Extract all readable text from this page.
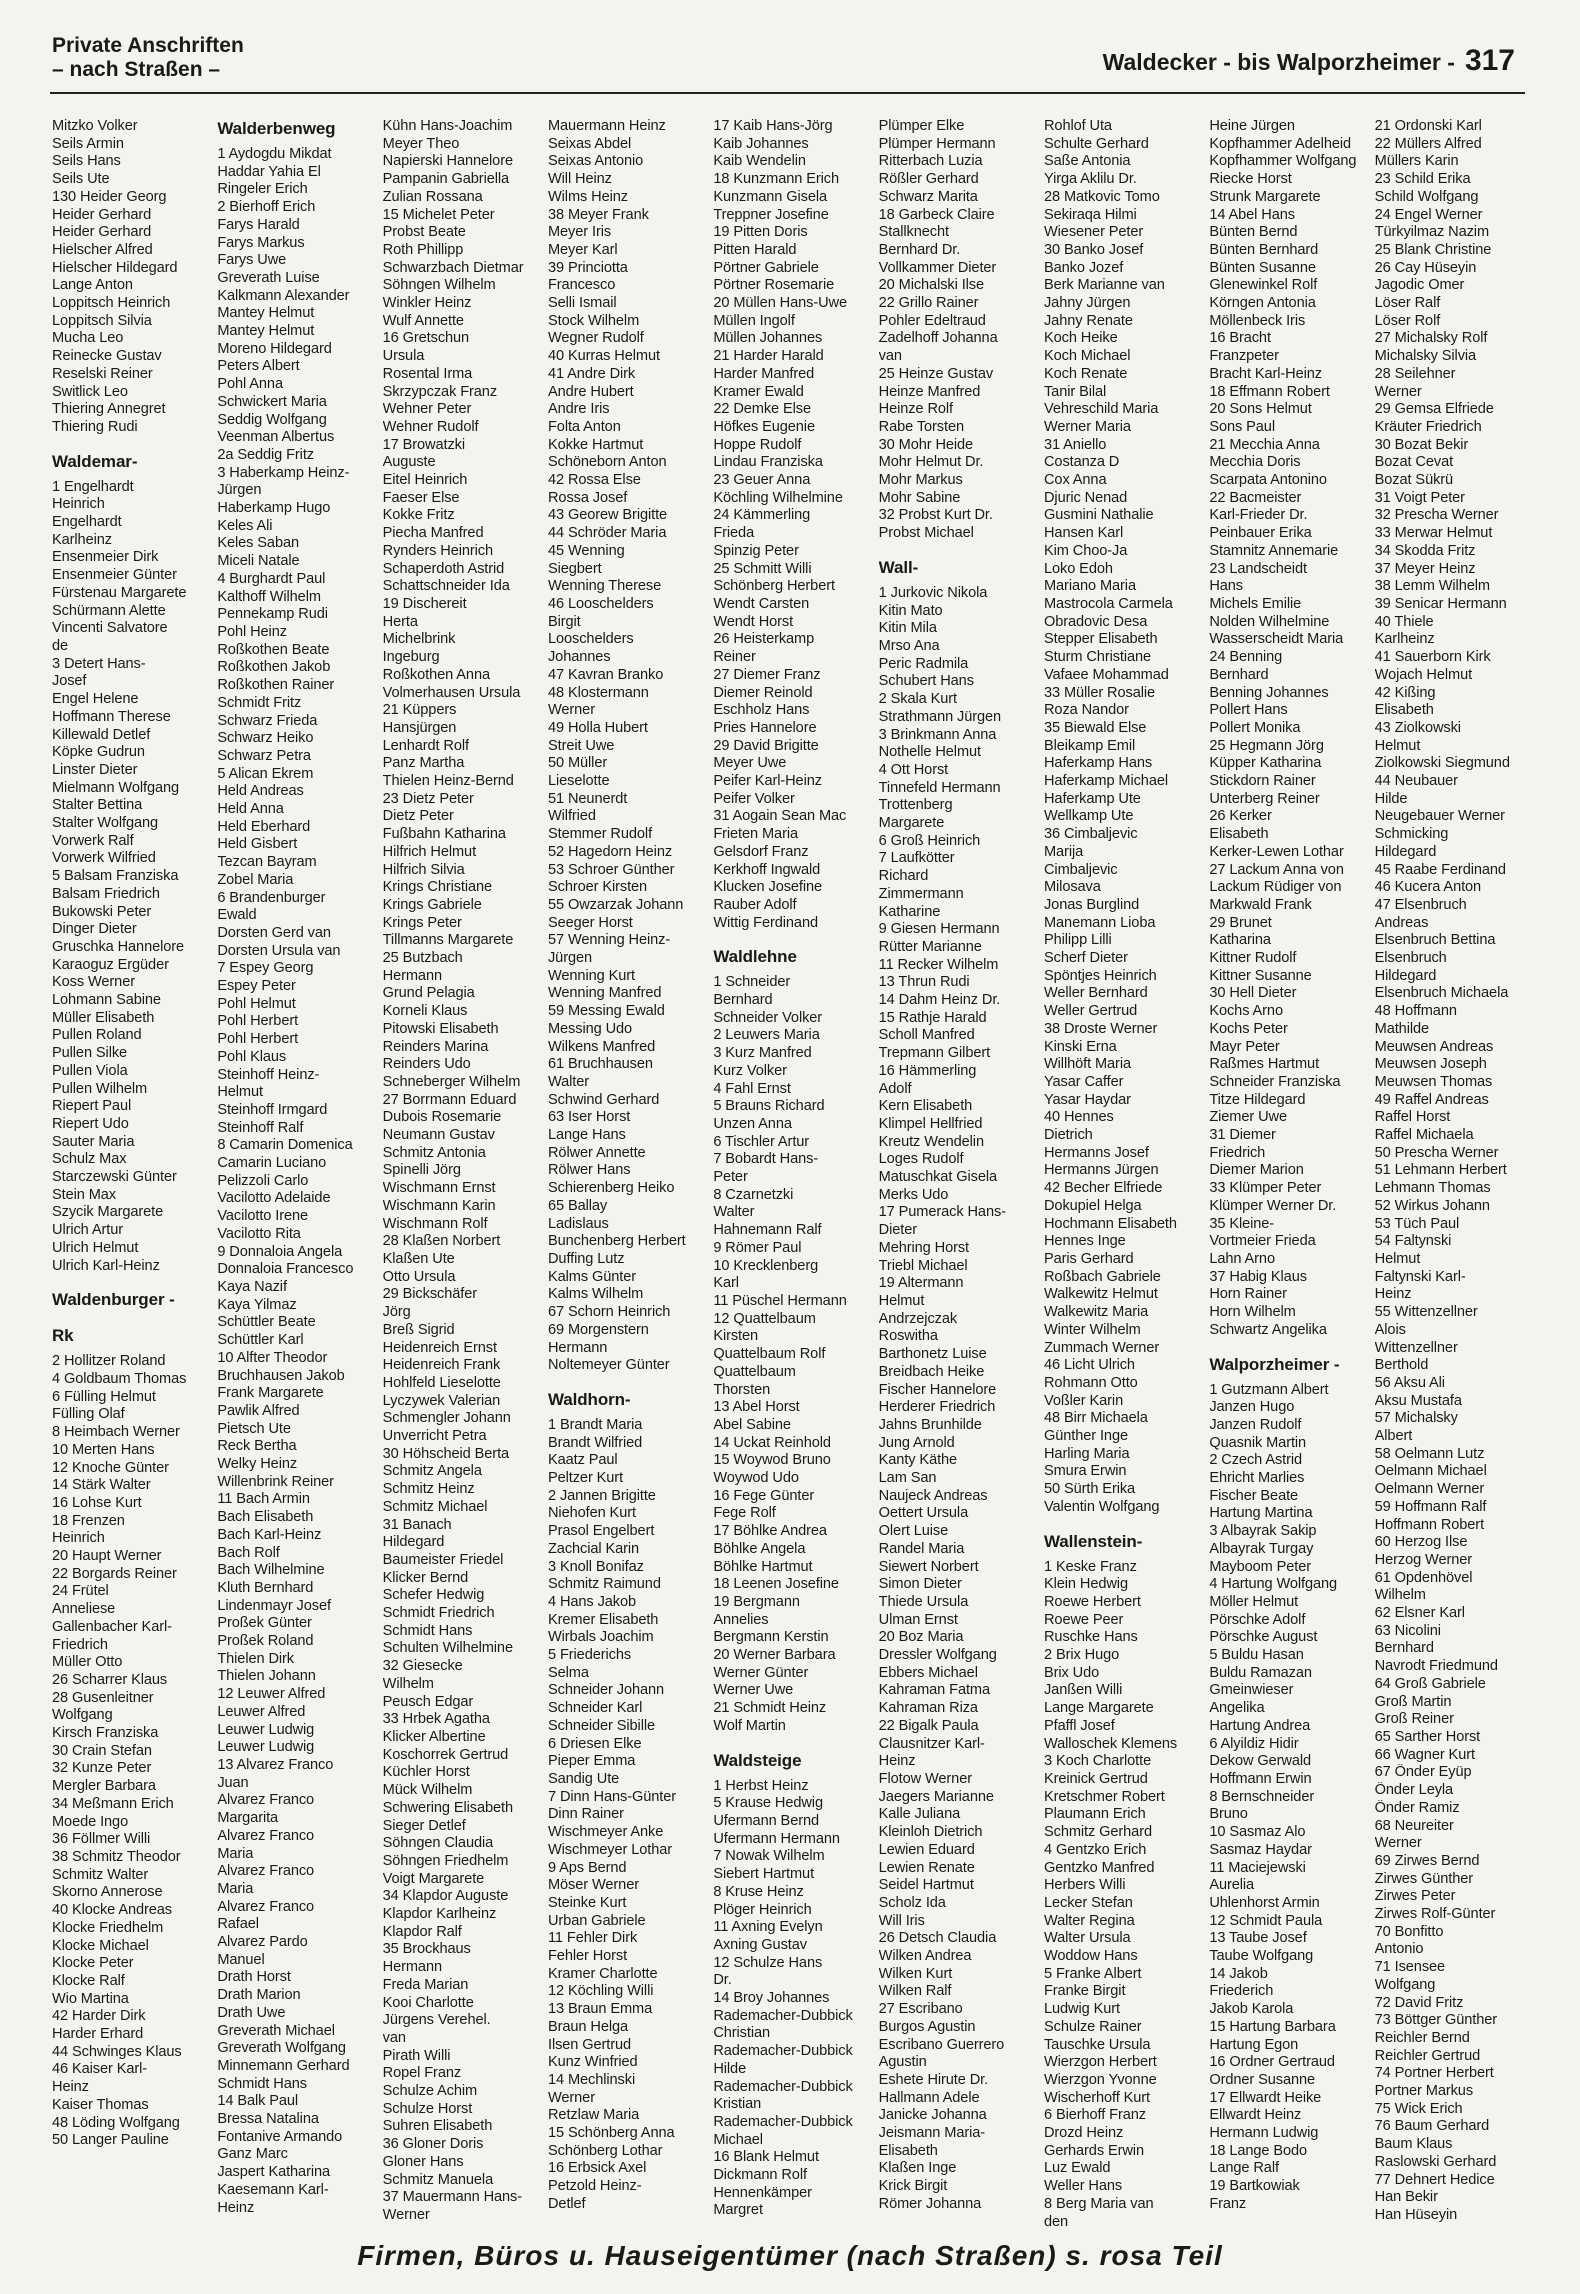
Private Anschriften
– nach Straßen –	Waldecker - bis Walporzheimer - 317
Mitzko Volker
Seils Armin
Seils Hans
Seils Ute
130 Heider Georg
Heider Gerhard
Heider Gerhard
Hielscher Alfred
Hielscher Hildegard
Lange Anton
Loppitsch Heinrich
Loppitsch Silvia
Mucha Leo
Reinecke Gustav
Reselski Reiner
Switlick Leo
Thiering Annegret
Thiering Rudi
Waldemar-
1 Engelhardt
Heinrich
Engelhardt
Karlheinz
Ensenmeier Dirk
Ensenmeier Günter
Fürstenau Margarete
Schürmann Alette
Vincenti Salvatore
de
3 Detert Hans-
Josef
Engel Helene
Hoffmann Therese
Killewald Detlef
Köpke Gudrun
Linster Dieter
Mielmann Wolfgang
Stalter Bettina
Stalter Wolfgang
Vorwerk Ralf
Vorwerk Wilfried
5 Balsam Franziska
Balsam Friedrich
Bukowski Peter
Dinger Dieter
Gruschka Hannelore
Karaoguz Ergüder
Koss Werner
Lohmann Sabine
Müller Elisabeth
Pullen Roland
Pullen Silke
Pullen Viola
Pullen Wilhelm
Riepert Paul
Riepert Udo
Sauter Maria
Schulz Max
Starczewski Günter
Stein Max
Szycik Margarete
Ulrich Artur
Ulrich Helmut
Ulrich Karl-Heinz
Waldenburger -
Rk
2 Hollitzer Roland
4 Goldbaum Thomas
6 Fülling Helmut
Fülling Olaf
8 Heimbach Werner
10 Merten Hans
12 Knoche Günter
14 Stärk Walter
16 Lohse Kurt
18 Frenzen
Heinrich
20 Haupt Werner
22 Borgards Reiner
24 Frütel
Anneliese
Gallenbacher Karl-
Friedrich
Müller Otto
26 Scharrer Klaus
28 Gusenleitner
Wolfgang
Kirsch Franziska
30 Crain Stefan
32 Kunze Peter
Mergler Barbara
34 Meßmann Erich
Moede Ingo
36 Föllmer Willi
38 Schmitz Theodor
Schmitz Walter
Skorno Annerose
40 Klocke Andreas
Klocke Friedhelm
Klocke Michael
Klocke Peter
Klocke Ralf
Wio Martina
42 Harder Dirk
Harder Erhard
44 Schwinges Klaus
46 Kaiser Karl-
Heinz
Kaiser Thomas
48 Löding Wolfgang
50 Langer Pauline
Walderbenweg
1 Aydogdu Mikdat
Haddar Yahia El
Ringeler Erich
2 Bierhoff Erich
Farys Harald
Farys Markus
Farys Uwe
Greverath Luise
Kalkmann Alexander
Mantey Helmut
Mantey Helmut
Moreno Hildegard
Peters Albert
Pohl Anna
Schwickert Maria
Seddig Wolfgang
Veenman Albertus
2a Seddig Fritz
3 Haberkamp Heinz-
Jürgen
Haberkamp Hugo
Keles Ali
Keles Saban
Miceli Natale
4 Burghardt Paul
Kalthoff Wilhelm
Pennekamp Rudi
Pohl Heinz
Roßkothen Beate
Roßkothen Jakob
Roßkothen Rainer
Schmidt Fritz
Schwarz Frieda
Schwarz Heiko
Schwarz Petra
5 Alican Ekrem
Held Andreas
Held Anna
Held Eberhard
Held Gisbert
Tezcan Bayram
Zobel Maria
6 Brandenburger
Ewald
Dorsten Gerd van
Dorsten Ursula van
7 Espey Georg
Espey Peter
Pohl Helmut
Pohl Herbert
Pohl Herbert
Pohl Klaus
Steinhoff Heinz-
Helmut
Steinhoff Irmgard
Steinhoff Ralf
8 Camarin Domenica
Camarin Luciano
Pelizzoli Carlo
Vacilotto Adelaide
Vacilotto Irene
Vacilotto Rita
9 Donnaloia Angela
Donnaloia Francesco
Kaya Nazif
Kaya Yilmaz
Schüttler Beate
Schüttler Karl
10 Alfter Theodor
Bruchhausen Jakob
Frank Margarete
Pawlik Alfred
Pietsch Ute
Reck Bertha
Welky Heinz
Willenbrink Reiner
11 Bach Armin
Bach Elisabeth
Bach Karl-Heinz
Bach Rolf
Bach Wilhelmine
Kluth Bernhard
Lindenmayr Josef
Proßek Günter
Proßek Roland
Thielen Dirk
Thielen Johann
12 Leuwer Alfred
Leuwer Alfred
Leuwer Ludwig
Leuwer Ludwig
13 Alvarez Franco
Juan
Alvarez Franco
Margarita
Alvarez Franco
Maria
Alvarez Franco
Maria
Alvarez Franco
Rafael
Alvarez Pardo
Manuel
Drath Horst
Drath Marion
Drath Uwe
Greverath Michael
Greverath Wolfgang
Minnemann Gerhard
Schmidt Hans
14 Balk Paul
Bressa Natalina
Fontanive Armando
Ganz Marc
Jaspert Katharina
Kaesemann Karl-
Heinz
Kühn Hans-Joachim
Meyer Theo
Napierski Hannelore
Pampanin Gabriella
Zulian Rossana
15 Michelet Peter
Probst Beate
Roth Phillipp
Schwarzbach Dietmar
Söhngen Wilhelm
Winkler Heinz
Wulf Annette
16 Gretschun
Ursula
Rosental Irma
Skrzypczak Franz
Wehner Peter
Wehner Rudolf
17 Browatzki
Auguste
Eitel Heinrich
Faeser Else
Kokke Fritz
Piecha Manfred
Rynders Heinrich
Schaperdoth Astrid
Schattschneider Ida
19 Dischereit
Herta
Michelbrink
Ingeburg
Roßkothen Anna
Volmerhausen Ursula
21 Küppers
Hansjürgen
Lenhardt Rolf
Panz Martha
Thielen Heinz-Bernd
23 Dietz Peter
Dietz Peter
Fußbahn Katharina
Hilfrich Helmut
Hilfrich Silvia
Krings Christiane
Krings Gabriele
Krings Peter
Tillmanns Margarete
25 Butzbach
Hermann
Grund Pelagia
Korneli Klaus
Pitowski Elisabeth
Reinders Marina
Reinders Udo
Schneberger Wilhelm
27 Borrmann Eduard
Dubois Rosemarie
Neumann Gustav
Schmitz Antonia
Spinelli Jörg
Wischmann Ernst
Wischmann Karin
Wischmann Rolf
28 Klaßen Norbert
Klaßen Ute
Otto Ursula
29 Bickschäfer
Jörg
Breß Sigrid
Heidenreich Ernst
Heidenreich Frank
Hohlfeld Lieselotte
Lyczywek Valerian
Schmengler Johann
Unverricht Petra
30 Höhscheid Berta
Schmitz Angela
Schmitz Heinz
Schmitz Michael
31 Banach
Hildegard
Baumeister Friedel
Klicker Bernd
Schefer Hedwig
Schmidt Friedrich
Schmidt Hans
Schulten Wilhelmine
32 Giesecke
Wilhelm
Peusch Edgar
33 Hrbek Agatha
Klicker Albertine
Koschorrek Gertrud
Küchler Horst
Mück Wilhelm
Schwering Elisabeth
Sieger Detlef
Söhngen Claudia
Söhngen Friedhelm
Voigt Margarete
34 Klapdor Auguste
Klapdor Karlheinz
Klapdor Ralf
35 Brockhaus
Hermann
Freda Marian
Kooi Charlotte
Jürgens Verehel.
van
Pirath Willi
Ropel Franz
Schulze Achim
Schulze Horst
Suhren Elisabeth
36 Gloner Doris
Gloner Hans
Schmitz Manuela
37 Mauermann Hans-
Werner
Mauermann Heinz
Seixas Abdel
Seixas Antonio
Will Heinz
Wilms Heinz
38 Meyer Frank
Meyer Iris
Meyer Karl
39 Princiotta
Francesco
Selli Ismail
Stock Wilhelm
Wegner Rudolf
40 Kurras Helmut
41 Andre Dirk
Andre Hubert
Andre Iris
Folta Anton
Kokke Hartmut
Schöneborn Anton
42 Rossa Else
Rossa Josef
43 Georew Brigitte
44 Schröder Maria
45 Wenning
Siegbert
Wenning Therese
46 Looschelders
Birgit
Looschelders
Johannes
47 Kavran Branko
48 Klostermann
Werner
49 Holla Hubert
Streit Uwe
50 Müller
Lieselotte
51 Neunerdt
Wilfried
Stemmer Rudolf
52 Hagedorn Heinz
53 Schroer Günther
Schroer Kirsten
55 Owzarzak Johann
Seeger Horst
57 Wenning Heinz-
Jürgen
Wenning Kurt
Wenning Manfred
59 Messing Ewald
Messing Udo
Wilkens Manfred
61 Bruchhausen
Walter
Schwind Gerhard
63 Iser Horst
Lange Hans
Rölwer Annette
Rölwer Hans
Schierenberg Heiko
65 Ballay
Ladislaus
Bunchenberg Herbert
Duffing Lutz
Kalms Günter
Kalms Wilhelm
67 Schorn Heinrich
69 Morgenstern
Hermann
Noltemeyer Günter
Waldhorn-
1 Brandt Maria
Brandt Wilfried
Kaatz Paul
Peltzer Kurt
2 Jannen Brigitte
Niehofen Kurt
Prasol Engelbert
Zachcial Karin
3 Knoll Bonifaz
Schmitz Raimund
4 Hans Jakob
Kremer Elisabeth
Wirbals Joachim
5 Friederichs
Selma
Schneider Johann
Schneider Karl
Schneider Sibille
6 Driesen Elke
Pieper Emma
Sandig Ute
7 Dinn Hans-Günter
Dinn Rainer
Wischmeyer Anke
Wischmeyer Lothar
9 Aps Bernd
Möser Werner
Steinke Kurt
Urban Gabriele
11 Fehler Dirk
Fehler Horst
Kramer Charlotte
12 Köchling Willi
13 Braun Emma
Braun Helga
Ilsen Gertrud
Kunz Winfried
14 Mechlinski
Werner
Retzlaw Maria
15 Schönberg Anna
Schönberg Lothar
16 Erbsick Axel
Petzold Heinz-
Detlef
17 Kaib Hans-Jörg
Kaib Johannes
Kaib Wendelin
18 Kunzmann Erich
Kunzmann Gisela
Treppner Josefine
19 Pitten Doris
Pitten Harald
Pörtner Gabriele
Pörtner Rosemarie
20 Müllen Hans-Uwe
Müllen Ingolf
Müllen Johannes
21 Harder Harald
Harder Manfred
Kramer Ewald
22 Demke Else
Höfkes Eugenie
Hoppe Rudolf
Lindau Franziska
23 Geuer Anna
Köchling Wilhelmine
24 Kämmerling
Frieda
Spinzig Peter
25 Schmitt Willi
Schönberg Herbert
Wendt Carsten
Wendt Horst
26 Heisterkamp
Reiner
27 Diemer Franz
Diemer Reinold
Eschholz Hans
Pries Hannelore
29 David Brigitte
Meyer Uwe
Peifer Karl-Heinz
Peifer Volker
31 Aogain Sean Mac
Frieten Maria
Gelsdorf Franz
Kerkhoff Ingwald
Klucken Josefine
Rauber Adolf
Wittig Ferdinand
Waldlehne
1 Schneider
Bernhard
Schneider Volker
2 Leuwers Maria
3 Kurz Manfred
Kurz Volker
4 Fahl Ernst
5 Brauns Richard
Unzen Anna
6 Tischler Artur
7 Bobardt Hans-
Peter
8 Czarnetzki
Walter
Hahnemann Ralf
9 Römer Paul
10 Krecklenberg
Karl
11 Püschel Hermann
12 Quattelbaum
Kirsten
Quattelbaum Rolf
Quattelbaum
Thorsten
13 Abel Horst
Abel Sabine
14 Uckat Reinhold
15 Woywod Bruno
Woywod Udo
16 Fege Günter
Fege Rolf
17 Böhlke Andrea
Böhlke Angela
Böhlke Hartmut
18 Leenen Josefine
19 Bergmann
Annelies
Bergmann Kerstin
20 Werner Barbara
Werner Günter
Werner Uwe
21 Schmidt Heinz
Wolf Martin
Waldsteige
1 Herbst Heinz
5 Krause Hedwig
Ufermann Bernd
Ufermann Hermann
7 Nowak Wilhelm
Siebert Hartmut
8 Kruse Heinz
Plöger Heinrich
11 Axning Evelyn
Axning Gustav
12 Schulze Hans
Dr.
14 Broy Johannes
Rademacher-Dubbick
Christian
Rademacher-Dubbick
Hilde
Rademacher-Dubbick
Kristian
Rademacher-Dubbick
Michael
16 Blank Helmut
Dickmann Rolf
Hennenkämper
Margret
Plümper Elke
Plümper Hermann
Ritterbach Luzia
Rößler Gerhard
Schwarz Marita
18 Garbeck Claire
Stallknecht
Bernhard Dr.
Vollkammer Dieter
20 Michalski Ilse
22 Grillo Rainer
Pohler Edeltraud
Zadelhoff Johanna
van
25 Heinze Gustav
Heinze Manfred
Heinze Rolf
Rabe Torsten
30 Mohr Heide
Mohr Helmut Dr.
Mohr Markus
Mohr Sabine
32 Probst Kurt Dr.
Probst Michael
Wall-
1 Jurkovic Nikola
Kitin Mato
Kitin Mila
Mrso Ana
Peric Radmila
Schubert Hans
2 Skala Kurt
Strathmann Jürgen
3 Brinkmann Anna
Nothelle Helmut
4 Ott Horst
Tinnefeld Hermann
Trottenberg
Margarete
6 Groß Heinrich
7 Laufkötter
Richard
Zimmermann
Katharine
9 Giesen Hermann
Rütter Marianne
11 Recker Wilhelm
13 Thrun Rudi
14 Dahm Heinz Dr.
15 Rathje Harald
Scholl Manfred
Trepmann Gilbert
16 Hämmerling
Adolf
Kern Elisabeth
Klimpel Hellfried
Kreutz Wendelin
Loges Rudolf
Matuschkat Gisela
Merks Udo
17 Pumerack Hans-
Dieter
Mehring Horst
Triebl Michael
19 Altermann
Helmut
Andrzejczak
Roswitha
Barthonetz Luise
Breidbach Heike
Fischer Hannelore
Herderer Friedrich
Jahns Brunhilde
Jung Arnold
Kanty Käthe
Lam San
Naujeck Andreas
Oettert Ursula
Olert Luise
Randel Maria
Siewert Norbert
Simon Dieter
Thiede Ursula
Ulman Ernst
20 Boz Maria
Dressler Wolfgang
Ebbers Michael
Kahraman Fatma
Kahraman Riza
22 Bigalk Paula
Clausnitzer Karl-
Heinz
Flotow Werner
Jaegers Marianne
Kalle Juliana
Kleinloh Dietrich
Lewien Eduard
Lewien Renate
Seidel Hartmut
Scholz Ida
Will Iris
26 Detsch Claudia
Wilken Andrea
Wilken Kurt
Wilken Ralf
27 Escribano
Burgos Agustin
Escribano Guerrero
Agustin
Eshete Hirute Dr.
Hallmann Adele
Janicke Johanna
Jeismann Maria-
Elisabeth
Klaßen Inge
Krick Birgit
Römer Johanna
Rohlof Uta
Schulte Gerhard
Saße Antonia
Yirga Aklilu Dr.
28 Matkovic Tomo
Sekiraqa Hilmi
Wiesener Peter
30 Banko Josef
Banko Jozef
Berk Marianne van
Jahny Jürgen
Jahny Renate
Koch Heike
Koch Michael
Koch Renate
Tanir Bilal
Vehreschild Maria
Werner Maria
31 Aniello
Costanza D
Cox Anna
Djuric Nenad
Gusmini Nathalie
Hansen Karl
Kim Choo-Ja
Loko Edoh
Mariano Maria
Mastrocola Carmela
Obradovic Desa
Stepper Elisabeth
Sturm Christiane
Vafaee Mohammad
33 Müller Rosalie
Roza Nandor
35 Biewald Else
Bleikamp Emil
Haferkamp Hans
Haferkamp Michael
Haferkamp Ute
Wellkamp Ute
36 Cimbaljevic
Marija
Cimbaljevic
Milosava
Jonas Burglind
Manemann Lioba
Philipp Lilli
Scherf Dieter
Spöntjes Heinrich
Weller Bernhard
Weller Gertrud
38 Droste Werner
Kinski Erna
Willhöft Maria
Yasar Caffer
Yasar Haydar
40 Hennes
Dietrich
Hermanns Josef
Hermanns Jürgen
42 Becher Elfriede
Dokupiel Helga
Hochmann Elisabeth
Hennes Inge
Paris Gerhard
Roßbach Gabriele
Walkewitz Helmut
Walkewitz Maria
Winter Wilhelm
Zummach Werner
46 Licht Ulrich
Rohmann Otto
Voßler Karin
48 Birr Michaela
Günther Inge
Harling Maria
Smura Erwin
50 Sürth Erika
Valentin Wolfgang
Wallenstein-
1 Keske Franz
Klein Hedwig
Roewe Herbert
Roewe Peer
Ruschke Hans
2 Brix Hugo
Brix Udo
Janßen Willi
Lange Margarete
Pfaffl Josef
Walloschek Klemens
3 Koch Charlotte
Kreinick Gertrud
Kretschmer Robert
Plaumann Erich
Schmitz Gerhard
4 Gentzko Erich
Gentzko Manfred
Herbers Willi
Lecker Stefan
Walter Regina
Walter Ursula
Woddow Hans
5 Franke Albert
Franke Birgit
Ludwig Kurt
Schulze Rainer
Tauschke Ursula
Wierzgon Herbert
Wierzgon Yvonne
Wischerhoff Kurt
6 Bierhoff Franz
Drozd Heinz
Gerhards Erwin
Luz Ewald
Weller Hans
8 Berg Maria van
den
Heine Jürgen
Kopfhammer Adelheid
Kopfhammer Wolfgang
Riecke Horst
Strunk Margarete
14 Abel Hans
Bünten Bernd
Bünten Bernhard
Bünten Susanne
Glenewinkel Rolf
Körngen Antonia
Möllenbeck Iris
16 Bracht
Franzpeter
Bracht Karl-Heinz
18 Effmann Robert
20 Sons Helmut
Sons Paul
21 Mecchia Anna
Mecchia Doris
Scarpata Antonino
22 Bacmeister
Karl-Frieder Dr.
Peinbauer Erika
Stamnitz Annemarie
23 Landscheidt
Hans
Michels Emilie
Nolden Wilhelmine
Wasserscheidt Maria
24 Benning
Bernhard
Benning Johannes
Pollert Hans
Pollert Monika
25 Hegmann Jörg
Küpper Katharina
Stickdorn Rainer
Unterberg Reiner
26 Kerker
Elisabeth
Kerker-Lewen Lothar
27 Lackum Anna von
Lackum Rüdiger von
Markwald Frank
29 Brunet
Katharina
Kittner Rudolf
Kittner Susanne
30 Hell Dieter
Kochs Arno
Kochs Peter
Mayr Peter
Raßmes Hartmut
Schneider Franziska
Titze Hildegard
Ziemer Uwe
31 Diemer
Friedrich
Diemer Marion
33 Klümper Peter
Klümper Werner Dr.
35 Kleine-
Vortmeier Frieda
Lahn Arno
37 Habig Klaus
Horn Rainer
Horn Wilhelm
Schwartz Angelika
Walporzheimer -
1 Gutzmann Albert
Janzen Hugo
Janzen Rudolf
Quasnik Martin
2 Czech Astrid
Ehricht Marlies
Fischer Beate
Hartung Martina
3 Albayrak Sakip
Albayrak Turgay
Mayboom Peter
4 Hartung Wolfgang
Möller Helmut
Pörschke Adolf
Pörschke August
5 Buldu Hasan
Buldu Ramazan
Gmeinwieser
Angelika
Hartung Andrea
6 Alyildiz Hidir
Dekow Gerwald
Hoffmann Erwin
8 Bernschneider
Bruno
10 Sasmaz Alo
Sasmaz Haydar
11 Maciejewski
Aurelia
Uhlenhorst Armin
12 Schmidt Paula
13 Taube Josef
Taube Wolfgang
14 Jakob
Friederich
Jakob Karola
15 Hartung Barbara
Hartung Egon
16 Ordner Gertraud
Ordner Susanne
17 Ellwardt Heike
Ellwardt Heinz
Hermann Ludwig
18 Lange Bodo
Lange Ralf
19 Bartkowiak
Franz
21 Ordonski Karl
22 Müllers Alfred
Müllers Karin
23 Schild Erika
Schild Wolfgang
24 Engel Werner
Türkyilmaz Nazim
25 Blank Christine
26 Cay Hüseyin
Jagodic Omer
Löser Ralf
Löser Rolf
27 Michalsky Rolf
Michalsky Silvia
28 Seilehner
Werner
29 Gemsa Elfriede
Kräuter Friedrich
30 Bozat Bekir
Bozat Cevat
Bozat Sükrü
31 Voigt Peter
32 Prescha Werner
33 Merwar Helmut
34 Skodda Fritz
37 Meyer Heinz
38 Lemm Wilhelm
39 Senicar Hermann
40 Thiele
Karlheinz
41 Sauerborn Kirk
Wojach Helmut
42 Kißing
Elisabeth
43 Ziolkowski
Helmut
Ziolkowski Siegmund
44 Neubauer
Hilde
Neugebauer Werner
Schmicking
Hildegard
45 Raabe Ferdinand
46 Kucera Anton
47 Elsenbruch
Andreas
Elsenbruch Bettina
Elsenbruch
Hildegard
Elsenbruch Michaela
48 Hoffmann
Mathilde
Meuwsen Andreas
Meuwsen Joseph
Meuwsen Thomas
49 Raffel Andreas
Raffel Horst
Raffel Michaela
50 Prescha Werner
51 Lehmann Herbert
Lehmann Thomas
52 Wirkus Johann
53 Tüch Paul
54 Faltynski
Helmut
Faltynski Karl-
Heinz
55 Wittenzellner
Alois
Wittenzellner
Berthold
56 Aksu Ali
Aksu Mustafa
57 Michalsky
Albert
58 Oelmann Lutz
Oelmann Michael
Oelmann Werner
59 Hoffmann Ralf
Hoffmann Robert
60 Herzog Ilse
Herzog Werner
61 Opdenhövel
Wilhelm
62 Elsner Karl
63 Nicolini
Bernhard
Navrodt Friedmund
64 Groß Gabriele
Groß Martin
Groß Reiner
65 Sarther Horst
66 Wagner Kurt
67 Önder Eyüp
Önder Leyla
Önder Ramiz
68 Neureiter
Werner
69 Zirwes Bernd
Zirwes Günther
Zirwes Peter
Zirwes Rolf-Günter
70 Bonfitto
Antonio
71 Isensee
Wolfgang
72 David Fritz
73 Böttger Günther
Reichler Bernd
Reichler Gertrud
74 Portner Herbert
Portner Markus
75 Wick Erich
76 Baum Gerhard
Baum Klaus
Raslowski Gerhard
77 Dehnert Hedice
Han Bekir
Han Hüseyin
Firmen, Büros u. Hauseigentümer (nach Straßen) s. rosa Teil
